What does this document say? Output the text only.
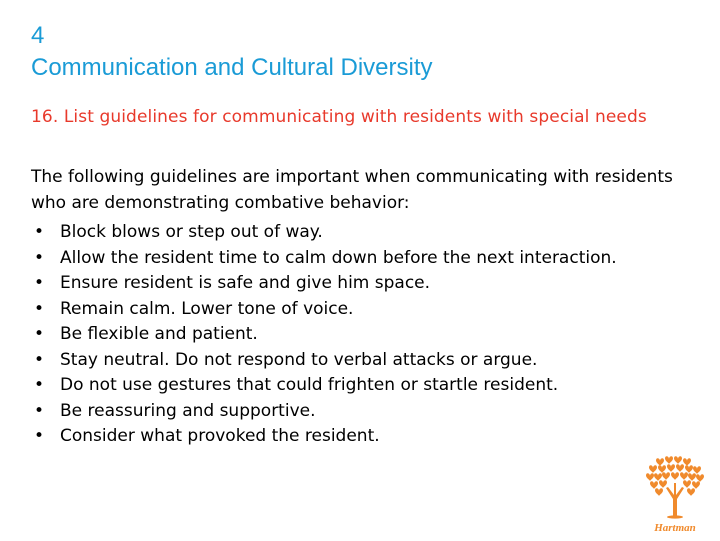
4
Communication and Cultural Diversity
16. List guidelines for communicating with residents with special needs

The following guidelines are important when communicating with residents who are demonstrating combative behavior:

• Block blows or step out of way.
• Allow the resident time to calm down before the next interaction.
• Ensure resident is safe and give him space.
• Remain calm. Lower tone of voice.
• Be flexible and patient.
• Stay neutral. Do not respond to verbal attacks or argue.
• Do not use gestures that could frighten or startle resident.
• Be reassuring and supportive.
• Consider what provoked the resident.
Hartman
